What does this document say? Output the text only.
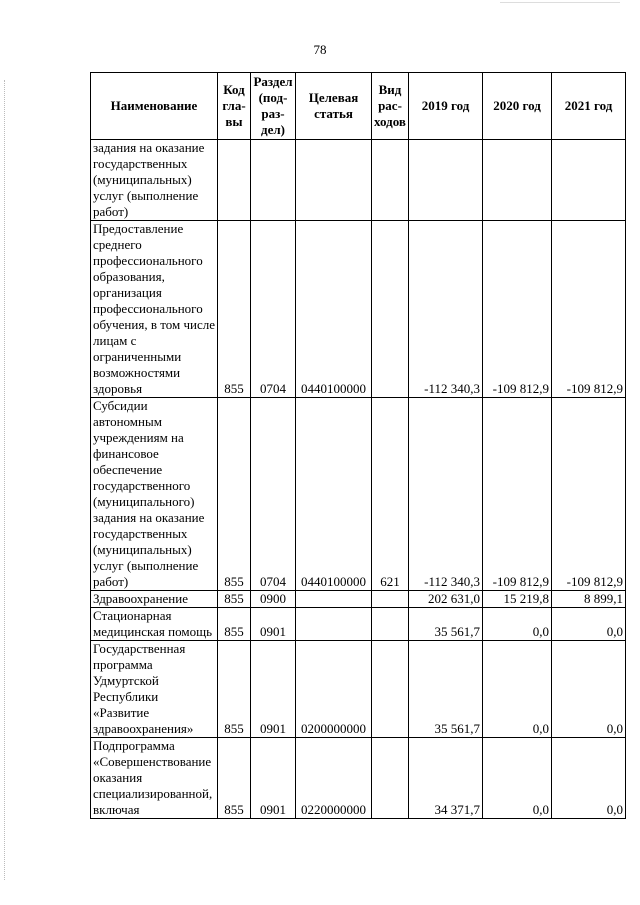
78
Наименование	Код гла- вы	Раздел (под- раз- дел)	Целевая статья	Вид рас- ходов	2019 год	2020 год	2021 год
задания на оказание государственных (муниципальных) услуг (выполнение работ)							
Предоставление среднего профессионального образования, организация профессионального обучения, в том числе лицам с ограниченными возможностями здоровья	855	0704	0440100000		-112 340,3	-109 812,9	-109 812,9
Субсидии автономным учреждениям на финансовое обеспечение государственного (муниципального) задания на оказание государственных (муниципальных) услуг (выполнение работ)	855	0704	0440100000	621	-112 340,3	-109 812,9	-109 812,9
Здравоохранение	855	0900			202 631,0	15 219,8	8 899,1
Стационарная медицинская помощь	855	0901			35 561,7	0,0	0,0
Государственная программа Удмуртской Республики «Развитие здравоохранения»	855	0901	0200000000		35 561,7	0,0	0,0
Подпрограмма «Совершенствование оказания специализированной, включая	855	0901	0220000000		34 371,7	0,0	0,0
